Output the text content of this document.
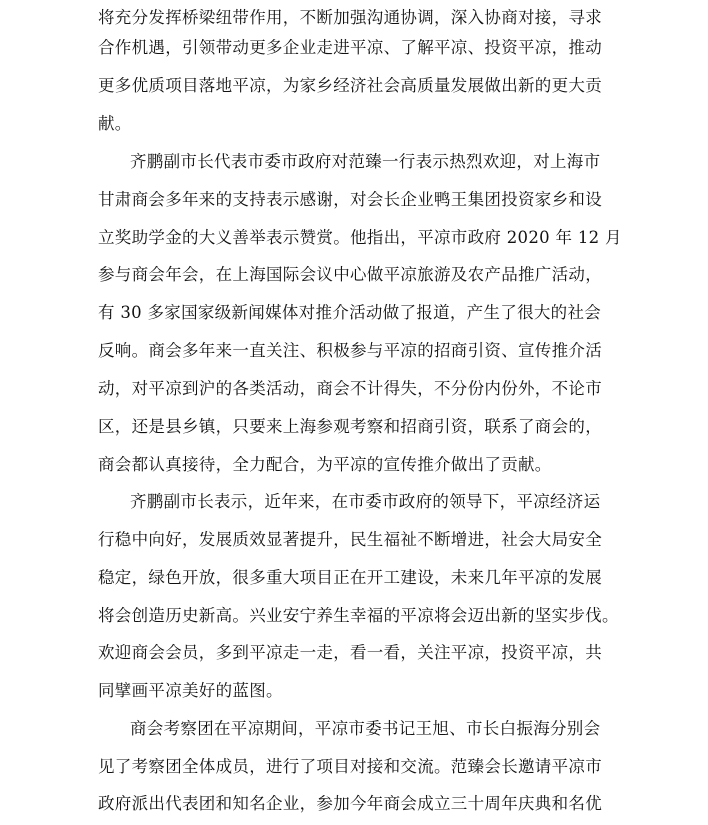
将充分发挥桥梁纽带作用，不断加强沟通协调，深入协商对接，寻求
合作机遇，引领带动更多企业走进平凉、了解平凉、投资平凉，推动
更多优质项目落地平凉，为家乡经济社会高质量发展做出新的更大贡
献。
齐鹏副市长代表市委市政府对范臻一行表示热烈欢迎，对上海市
甘肃商会多年来的支持表示感谢，对会长企业鸭王集团投资家乡和设
立奖助学金的大义善举表示赞赏。他指出，平凉市政府 2020 年 12 月
参与商会年会，在上海国际会议中心做平凉旅游及农产品推广活动，
有 30 多家国家级新闻媒体对推介活动做了报道，产生了很大的社会
反响。商会多年来一直关注、积极参与平凉的招商引资、宣传推介活
动，对平凉到沪的各类活动，商会不计得失，不分份内份外，不论市
区，还是县乡镇，只要来上海参观考察和招商引资，联系了商会的，
商会都认真接待，全力配合，为平凉的宣传推介做出了贡献。
齐鹏副市长表示，近年来，在市委市政府的领导下，平凉经济运
行稳中向好，发展质效显著提升，民生福祉不断增进，社会大局安全
稳定，绿色开放，很多重大项目正在开工建设，未来几年平凉的发展
将会创造历史新高。兴业安宁养生幸福的平凉将会迈出新的坚实步伐。
欢迎商会会员，多到平凉走一走，看一看，关注平凉，投资平凉，共
同擘画平凉美好的蓝图。
商会考察团在平凉期间，平凉市委书记王旭、市长白振海分别会
见了考察团全体成员，进行了项目对接和交流。范臻会长邀请平凉市
政府派出代表团和知名企业，参加今年商会成立三十周年庆典和名优
